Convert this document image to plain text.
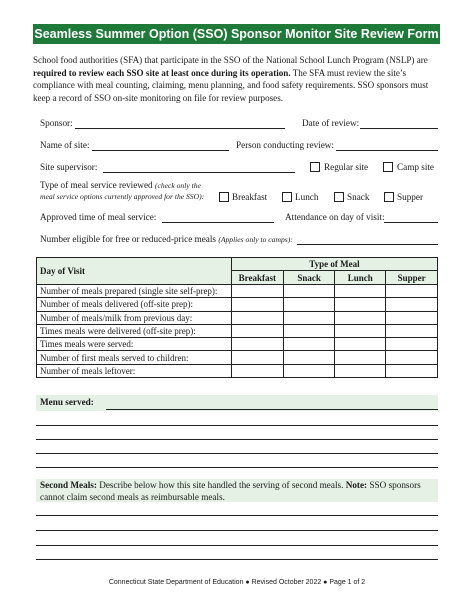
Seamless Summer Option (SSO) Sponsor Monitor Site Review Form
School food authorities (SFA) that participate in the SSO of the National School Lunch Program (NSLP) are required to review each SSO site at least once during its operation. The SFA must review the site’s compliance with meal counting, claiming, menu planning, and food safety requirements. SSO sponsors must keep a record of SSO on-site monitoring on file for review purposes.
Sponsor:	Date of review:
Name of site:	Person conducting review:
Site supervisor:	Regular site	Camp site
Type of meal service reviewed (check only the
meal service options currently approved for the SSO):	Breakfast	Lunch	Snack	Supper
Approved time of meal service:	Attendance on day of visit:
Number eligible for free or reduced-price meals (Applies only to camps):
Day of Visit	Type of Meal			
	Breakfast	Snack	Lunch	Supper
Number of meals prepared (single site self-prep):				
Number of meals delivered (off-site prep):				
Number of meals/milk from previous day:				
Times meals were delivered (off-site prep):				
Times meals were served:				
Number of first meals served to children:				
Number of meals leftover:				
Menu served:
Second Meals: Describe below how this site handled the serving of second meals. Note: SSO sponsors cannot claim second meals as reimbursable meals.
Connecticut State Department of Education ● Revised October 2022 ● Page 1 of 2
